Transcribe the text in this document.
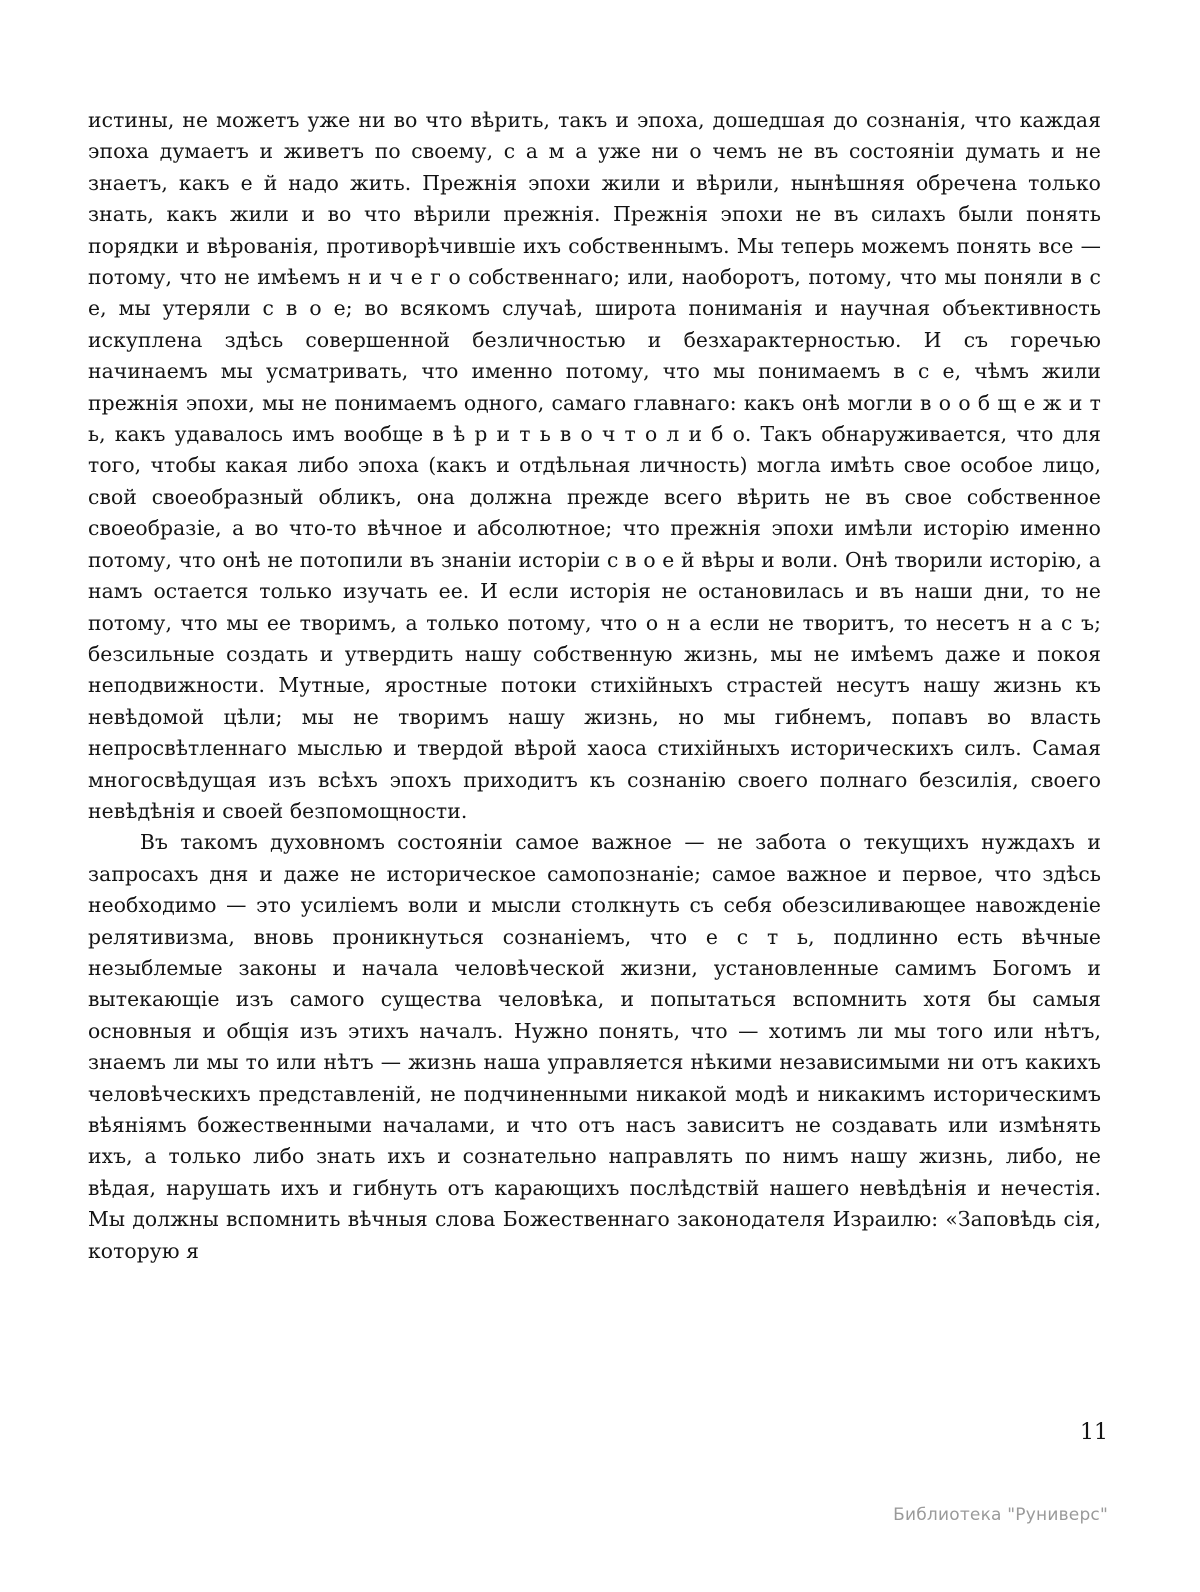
истины, не можетъ уже ни во что вѣрить, такъ и эпоха, дошедшая до сознанія, что каждая эпоха думаетъ и живетъ по своему, с а м а уже ни о чемъ не въ состояніи думать и не знаетъ, какъ е й надо жить. Прежнія эпохи жили и вѣрили, нынѣшняя обречена только знать, какъ жили и во что вѣрили прежнія. Прежнія эпохи не въ силахъ были понять порядки и вѣрованія, противорѣчившіе ихъ собственнымъ. Мы теперь можемъ понять все — потому, что не имѣемъ н и ч е г о собственнаго; или, наоборотъ, потому, что мы поняли в с е, мы утеряли с в о е; во всякомъ случаѣ, широта пониманія и научная объективность искуплена здѣсь совершенной безличностью и безхарактерностью. И съ горечью начинаемъ мы усматривать, что именно потому, что мы понимаемъ в с е, чѣмъ жили прежнія эпохи, мы не понимаемъ одного, самаго главнаго: какъ онѣ могли в о о б щ е ж и т ь, какъ удавалось имъ вообще в ѣ р и т ь в о ч т о л и б о. Такъ обнаруживается, что для того, чтобы какая либо эпоха (какъ и отдѣльная личность) могла имѣть свое особое лицо, свой своеобразный обликъ, она должна прежде всего вѣрить не въ свое собственное своеобразіе, а во что-то вѣчное и абсолютное; что прежнія эпохи имѣли исторію именно потому, что онѣ не потопили въ знаніи исторіи с в о е й вѣры и воли. Онѣ творили исторію, а намъ остается только изучать ее. И если исторія не остановилась и въ наши дни, то не потому, что мы ее творимъ, а только потому, что о н а если не творитъ, то несетъ н а с ъ; безсильные создать и утвердить нашу собственную жизнь, мы не имѣемъ даже и покоя неподвижности. Мутные, яростные потоки стихійныхъ страстей несутъ нашу жизнь къ невѣдомой цѣли; мы не творимъ нашу жизнь, но мы гибнемъ, попавъ во власть непросвѣтленнаго мыслью и твердой вѣрой хаоса стихійныхъ историческихъ силъ. Самая многосвѣдущая изъ всѣхъ эпохъ приходитъ къ сознанію своего полнаго безсилія, своего невѣдѣнія и своей безпомощности.

Въ такомъ духовномъ состояніи самое важное — не забота о текущихъ нуждахъ и запросахъ дня и даже не историческое самопознаніе; самое важное и первое, что здѣсь необходимо — это усиліемъ воли и мысли столкнуть съ себя обезсиливающее навожденіе релятивизма, вновь проникнуться сознаніемъ, что е с т ь, подлинно есть вѣчные незыблемые законы и начала человѣческой жизни, установленные самимъ Богомъ и вытекающіе изъ самого существа человѣка, и попытаться вспомнить хотя бы самыя основныя и общія изъ этихъ началъ. Нужно понять, что — хотимъ ли мы того или нѣтъ, знаемъ ли мы то или нѣтъ — жизнь наша управляется нѣкими независимыми ни отъ какихъ человѣческихъ представленій, не подчиненными никакой модѣ и никакимъ историческимъ вѣяніямъ божественными началами, и что отъ насъ зависитъ не создавать или измѣнять ихъ, а только либо знать ихъ и сознательно направлять по нимъ нашу жизнь, либо, не вѣдая, нарушать ихъ и гибнуть отъ карающихъ послѣдствій нашего невѣдѣнія и нечестія. Мы должны вспомнить вѣчныя слова Божественнаго законодателя Израилю: «Заповѣдь сія, которую я

11
Библиотека "Руниверс"
